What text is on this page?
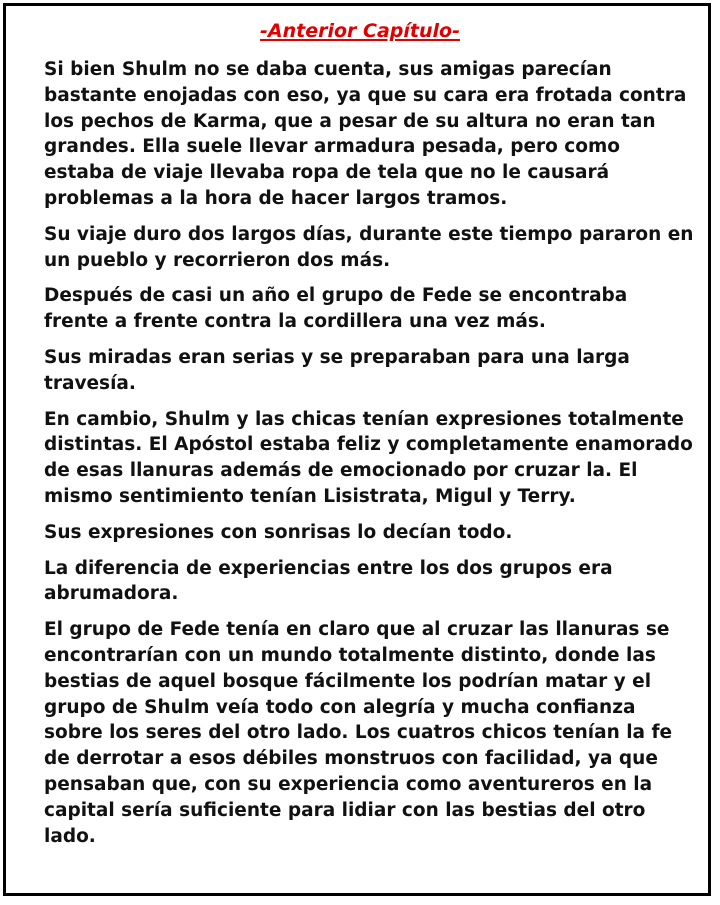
-Anterior Capítulo-

Si bien Shulm no se daba cuenta, sus amigas parecían bastante enojadas con eso, ya que su cara era frotada contra los pechos de Karma, que a pesar de su altura no eran tan grandes. Ella suele llevar armadura pesada, pero como estaba de viaje llevaba ropa de tela que no le causará problemas a la hora de hacer largos tramos.

Su viaje duro dos largos días, durante este tiempo pararon en un pueblo y recorrieron dos más.

Después de casi un año el grupo de Fede se encontraba frente a frente contra la cordillera una vez más.

Sus miradas eran serias y se preparaban para una larga travesía.

En cambio, Shulm y las chicas tenían expresiones totalmente distintas. El Apóstol estaba feliz y completamente enamorado de esas llanuras además de emocionado por cruzar la. El mismo sentimiento tenían Lisistrata, Migul y Terry.

Sus expresiones con sonrisas lo decían todo.

La diferencia de experiencias entre los dos grupos era abrumadora.

El grupo de Fede tenía en claro que al cruzar las llanuras se encontrarían con un mundo totalmente distinto, donde las bestias de aquel bosque fácilmente los podrían matar y el grupo de Shulm veía todo con alegría y mucha confianza sobre los seres del otro lado. Los cuatros chicos tenían la fe de derrotar a esos débiles monstruos con facilidad, ya que pensaban que, con su experiencia como aventureros en la capital sería suficiente para lidiar con las bestias del otro lado.
